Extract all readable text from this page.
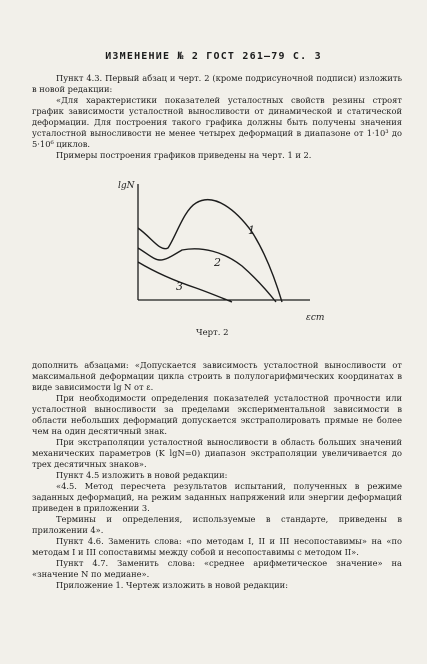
ИЗМЕНЕНИЕ № 2 ГОСТ 261—79 С. 3

Пункт 4.3. Первый абзац и черт. 2 (кроме подрисуночной подписи) изложить в новой редакции:

«Для характеристики показателей усталостных свойств резины строят график зависимости усталостной выносливости от динамической и статической деформации. Для построения такого графика должны быть получены значения усталостной выносливости не менее четырех деформаций в диапазоне от 1·10³ до 5·10⁶ циклов.

Примеры построения графиков приведены на черт. 1 и 2.

lgN
εcт
1
2
3
Черт. 2

дополнить абзацами: «Допускается зависимость усталостной выносливости от максимальной деформации цикла строить в полулогарифмических координатах в виде зависимости lg N от ε.

При необходимости определения показателей усталостной прочности или усталостной выносливости за пределами экспериментальной зависимости в области небольших деформаций допускается экстраполировать прямые не более чем на один десятичный знак.

При экстраполяции усталостной выносливости в область больших значений механических параметров (K lgN=0) диапазон экстраполяции увеличивается до трех десятичных знаков».

Пункт 4.5 изложить в новой редакции:

«4.5. Метод пересчета результатов испытаний, полученных в режиме заданных деформаций, на режим заданных напряжений или энергии деформаций приведен в приложении 3.

Термины и определения, используемые в стандарте, приведены в приложении 4».

Пункт 4.6. Заменить слова: «по методам I, II и III несопоставимы» на «по методам I и III сопоставимы между собой и несопоставимы с методом II».

Пункт 4.7. Заменить слова: «среднее арифметическое значение» на «значение N по медиане».

Приложение 1. Чертеж изложить в новой редакции:
